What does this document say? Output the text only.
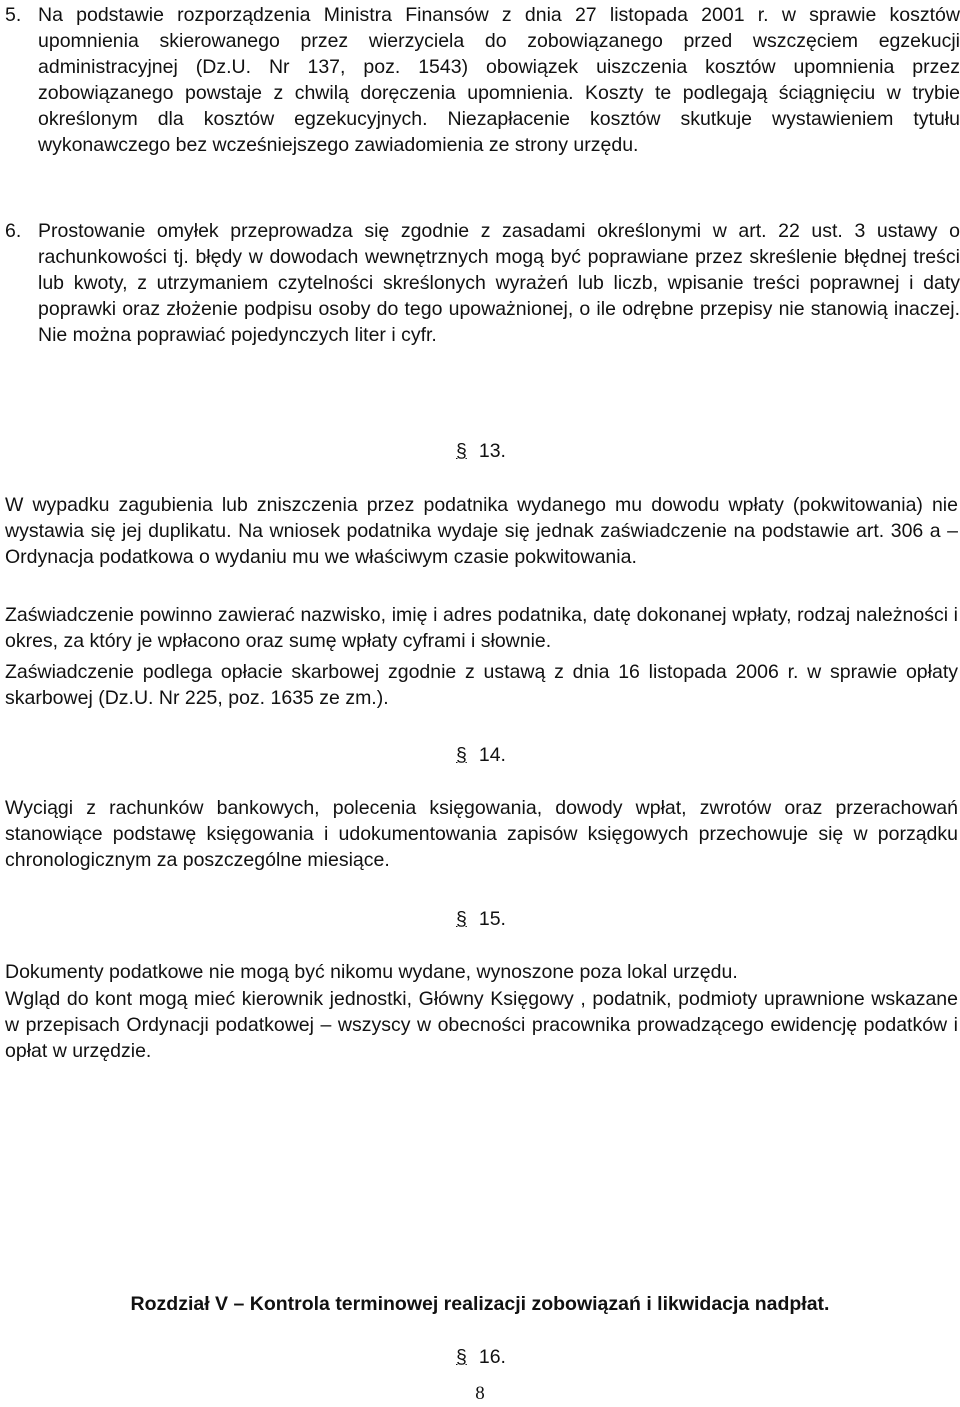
5. Na podstawie rozporządzenia Ministra Finansów z dnia 27 listopada 2001 r. w sprawie kosztów upomnienia skierowanego przez wierzyciela do zobowiązanego przed wszczęciem egzekucji administracyjnej (Dz.U. Nr 137, poz. 1543) obowiązek uiszczenia kosztów upomnienia przez zobowiązanego powstaje z chwilą doręczenia upomnienia. Koszty te podlegają ściągnięciu w trybie określonym dla kosztów egzekucyjnych. Niezapłacenie kosztów skutkuje wystawieniem tytułu wykonawczego bez wcześniejszego zawiadomienia ze strony urzędu.
6. Prostowanie omyłek przeprowadza się zgodnie z zasadami określonymi w art. 22 ust. 3 ustawy o rachunkowości tj. błędy w dowodach wewnętrznych mogą być poprawiane przez skreślenie błędnej treści lub kwoty, z utrzymaniem czytelności skreślonych wyrażeń lub liczb, wpisanie treści poprawnej i daty poprawki oraz złożenie podpisu osoby do tego upoważnionej, o ile odrębne przepisy nie stanowią inaczej. Nie można poprawiać pojedynczych liter i cyfr.
§ 13.

W wypadku zagubienia lub zniszczenia przez podatnika wydanego mu dowodu wpłaty (pokwitowania) nie wystawia się jej duplikatu. Na wniosek podatnika wydaje się jednak zaświadczenie na podstawie art. 306 a – Ordynacja podatkowa o wydaniu mu we właściwym czasie pokwitowania.

Zaświadczenie powinno zawierać nazwisko, imię i adres podatnika, datę dokonanej wpłaty, rodzaj należności i okres, za który je wpłacono oraz sumę wpłaty cyframi i słownie.

Zaświadczenie podlega opłacie skarbowej zgodnie z ustawą z dnia 16 listopada 2006 r. w sprawie opłaty skarbowej (Dz.U. Nr 225, poz. 1635 ze zm.).

§ 14.

Wyciągi z rachunków bankowych, polecenia księgowania, dowody wpłat, zwrotów oraz przerachowań stanowiące podstawę księgowania i udokumentowania zapisów księgowych przechowuje się w porządku chronologicznym za poszczególne miesiące.

§ 15.

Dokumenty podatkowe nie mogą być nikomu wydane, wynoszone poza lokal urzędu.

Wgląd do kont mogą mieć kierownik jednostki, Główny Księgowy , podatnik, podmioty uprawnione wskazane w przepisach Ordynacji podatkowej – wszyscy w obecności pracownika prowadzącego ewidencję podatków i opłat w urzędzie.

Rozdział V – Kontrola terminowej realizacji zobowiązań i likwidacja nadpłat.
§ 16.
8
